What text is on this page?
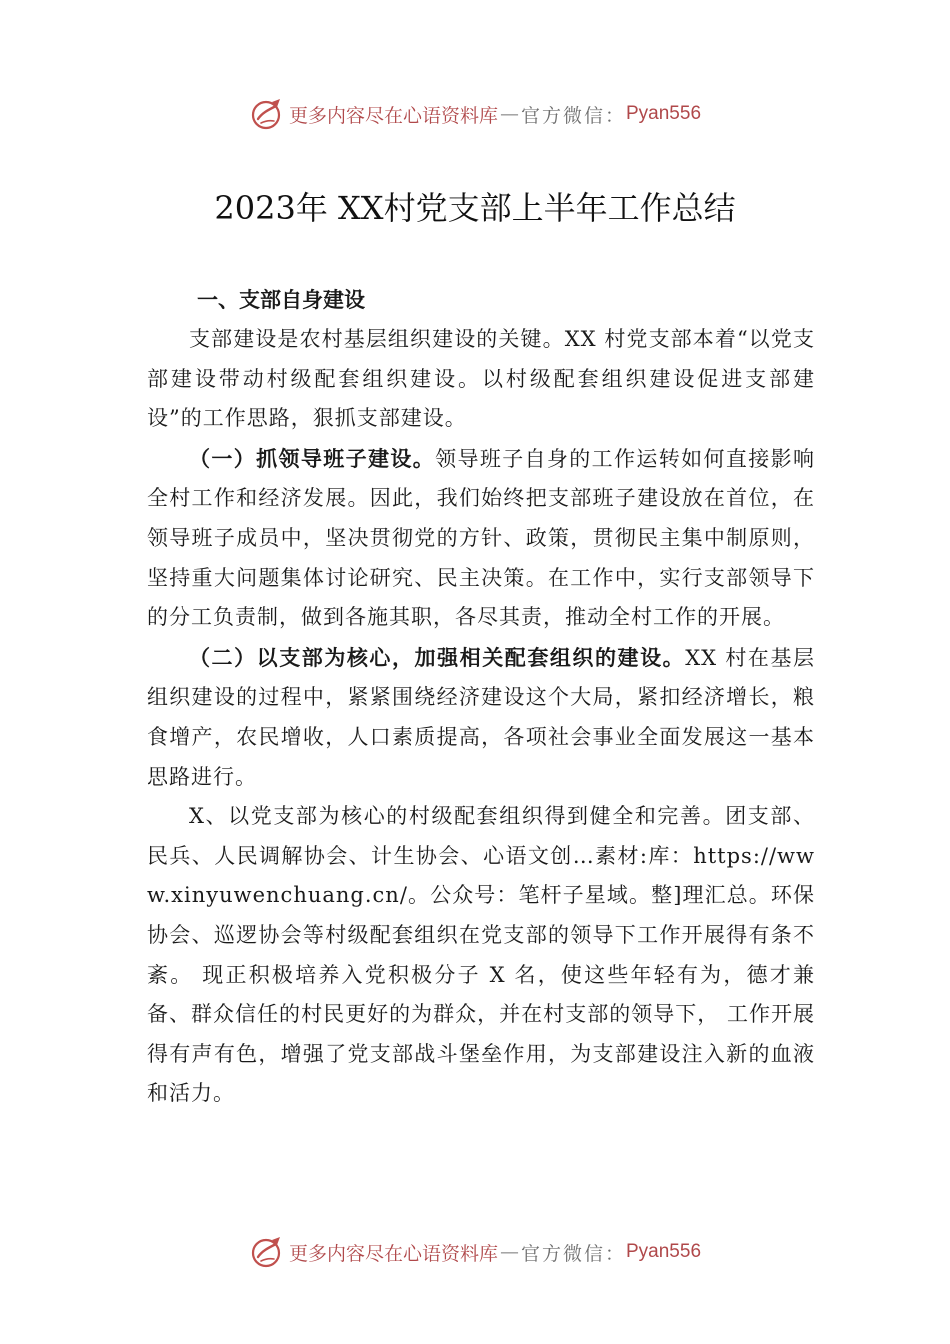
更多内容尽在心语资料库 — 官方微信： Pyan556
2023年 XX村党支部上半年工作总结
一、支部自身建设

支部建设是农村基层组织建设的关键。XX 村党支部本着“以党支部建设带动村级配套组织建设。以村级配套组织建设促进支部建设”的工作思路，狠抓支部建设。

（一）抓领导班子建设。领导班子自身的工作运转如何直接影响全村工作和经济发展。因此，我们始终把支部班子建设放在首位，在领导班子成员中，坚决贯彻党的方针、政策，贯彻民主集中制原则，坚持重大问题集体讨论研究、民主决策。在工作中，实行支部领导下的分工负责制，做到各施其职，各尽其责，推动全村工作的开展。

（二）以支部为核心，加强相关配套组织的建设。XX 村在基层组织建设的过程中，紧紧围绕经济建设这个大局，紧扣经济增长，粮食增产，农民增收，人口素质提高，各项社会事业全面发展这一基本思路进行。

X、以党支部为核心的村级配套组织得到健全和完善。团支部、民兵、人民调解协会、计生协会、心语文创…素材:库：https://www.xinyuwenchuang.cn/。公众号：笔杆子星域。整]理汇总。环保协会、巡逻协会等村级配套组织在党支部的领导下工作开展得有条不紊。 现正积极培养入党积极分子 X 名，使这些年轻有为，德才兼备、群众信任的村民更好的为群众，并在村支部的领导下， 工作开展得有声有色，增强了党支部战斗堡垒作用，为支部建设注入新的血液和活力。

更多内容尽在心语资料库 — 官方微信： Pyan556
